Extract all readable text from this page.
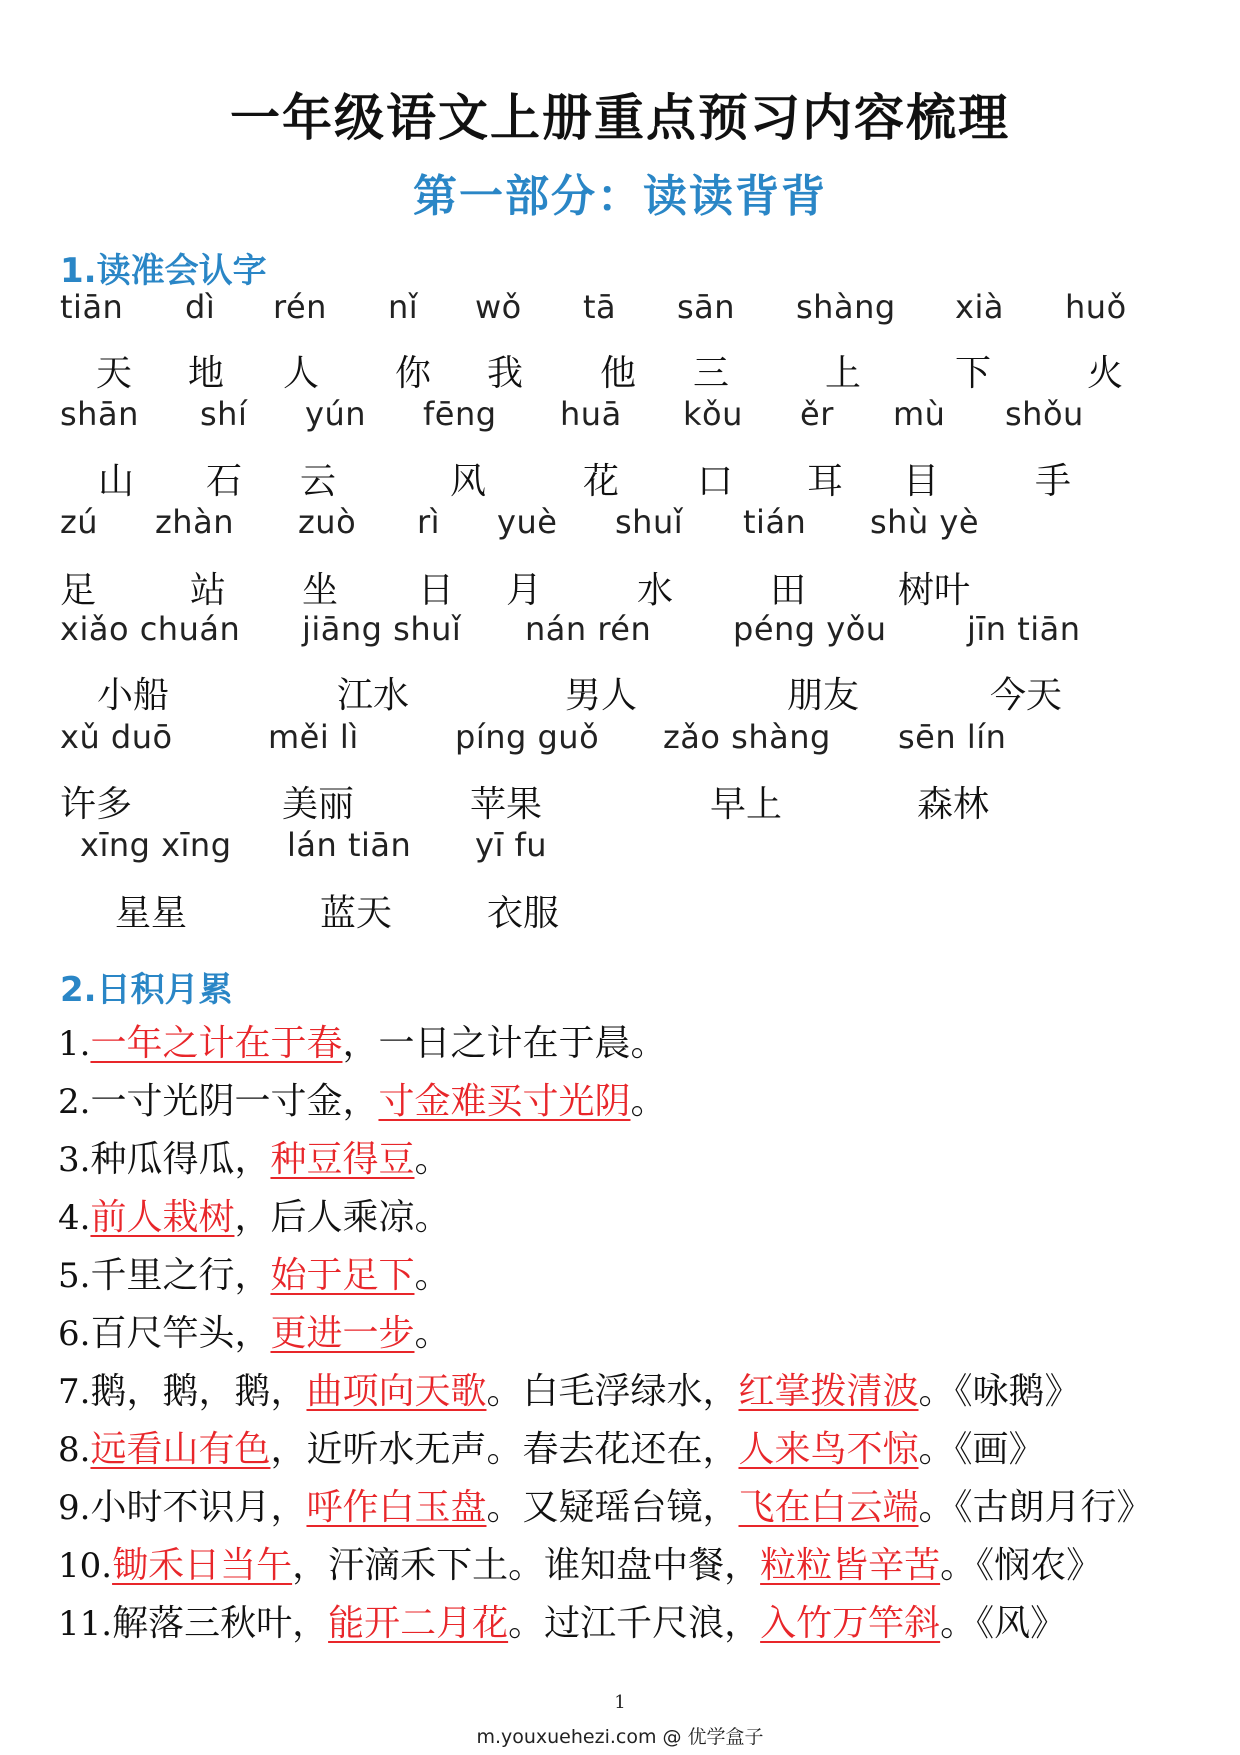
一年级语文上册重点预习内容梳理
第一部分：读读背背
1.读准会认字
tiān
天
dì
地
rén
人
nǐ
你
wǒ
我
tā
他
sān
三
shàng
上
xià
下
huǒ
火
shān
山
shí
石
yún
云
fēng
风
huā
花
kǒu
口
ěr
耳
mù
目
shǒu
手
zú
足
zhàn
站
zuò
坐
rì
日
yuè
月
shuǐ
水
tián
田
shù yè
树叶
xiǎo chuán
小船
jiāng shuǐ
江水
nán rén
男人
péng yǒu
朋友
jīn tiān
今天
xǔ duō
许多
měi lì
美丽
píng guǒ
苹果
zǎo shàng
早上
sēn lín
森林
xīng xīng
星星
lán tiān
蓝天
yī fu
衣服
2.日积月累
1.一年之计在于春，一日之计在于晨。
2.一寸光阴一寸金，寸金难买寸光阴。
3.种瓜得瓜，种豆得豆。
4.前人栽树，后人乘凉。
5.千里之行，始于足下。
6.百尺竿头，更进一步。
7.鹅，鹅，鹅，曲项向天歌。白毛浮绿水，红掌拨清波。《咏鹅》
8.远看山有色，近听水无声。春去花还在，人来鸟不惊。《画》
9.小时不识月，呼作白玉盘。又疑瑶台镜，飞在白云端。《古朗月行》
10.锄禾日当午，汗滴禾下土。谁知盘中餐，粒粒皆辛苦。《悯农》
11.解落三秋叶，能开二月花。过江千尺浪，入竹万竿斜。《风》
1
m.youxuehezi.com @ 优学盒子
